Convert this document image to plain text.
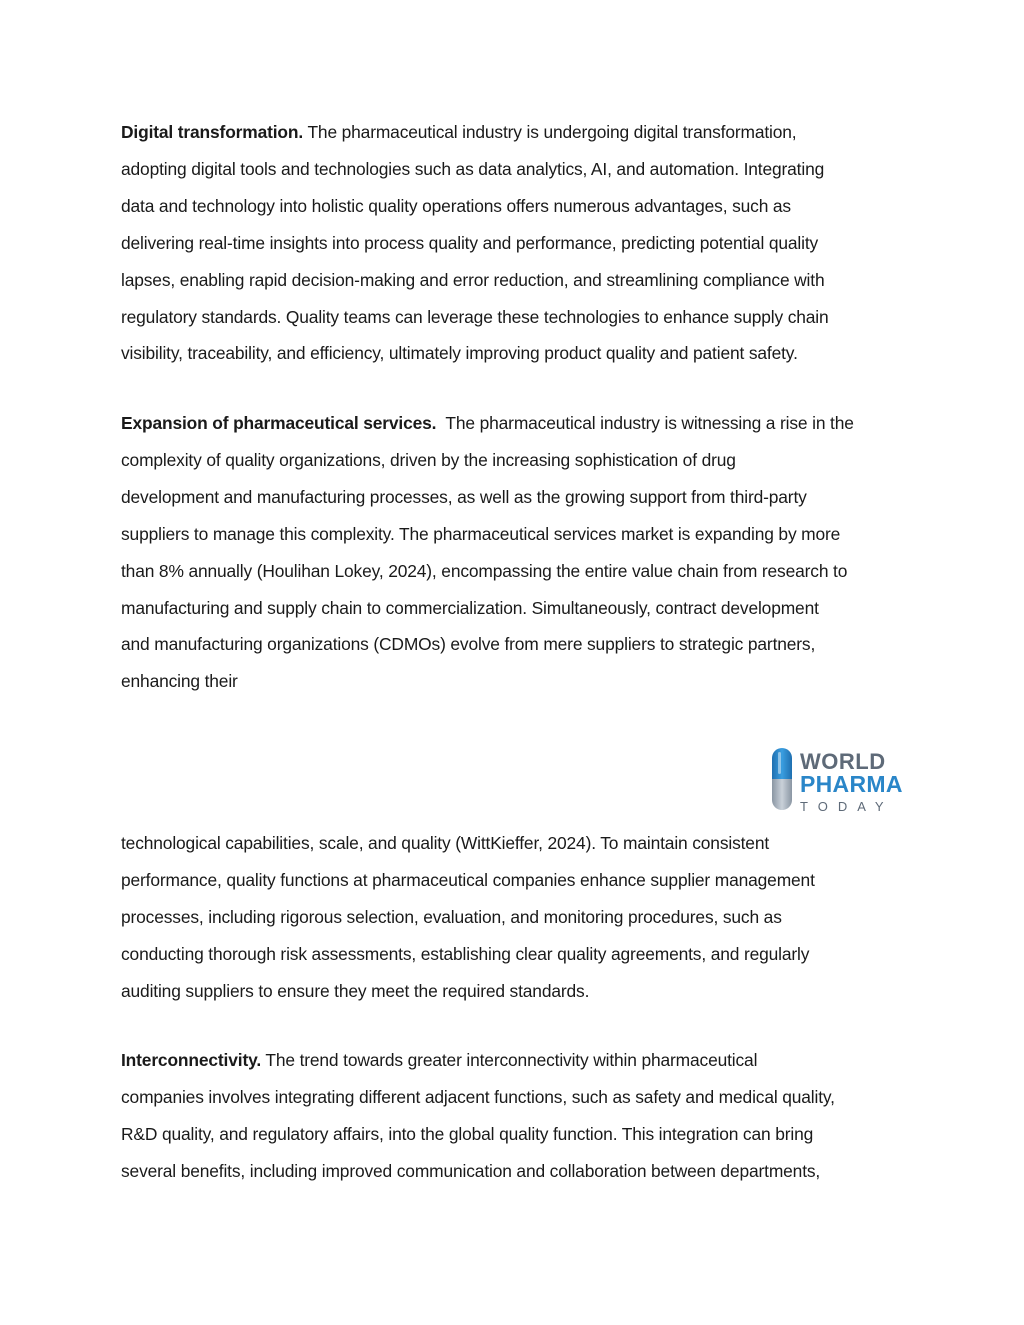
Digital transformation. The pharmaceutical industry is undergoing digital transformation,
adopting digital tools and technologies such as data analytics, AI, and automation. Integrating
data and technology into holistic quality operations offers numerous advantages, such as
delivering real-time insights into process quality and performance, predicting potential quality
lapses, enabling rapid decision-making and error reduction, and streamlining compliance with
regulatory standards. Quality teams can leverage these technologies to enhance supply chain
visibility, traceability, and efficiency, ultimately improving product quality and patient safety.
Expansion of pharmaceutical services.  The pharmaceutical industry is witnessing a rise in the
complexity of quality organizations, driven by the increasing sophistication of drug
development and manufacturing processes, as well as the growing support from third-party
suppliers to manage this complexity. The pharmaceutical services market is expanding by more
than 8% annually (Houlihan Lokey, 2024), encompassing the entire value chain from research to
manufacturing and supply chain to commercialization. Simultaneously, contract development
and manufacturing organizations (CDMOs) evolve from mere suppliers to strategic partners,
enhancing their
WORLD
PHARMA
TODAY
technological capabilities, scale, and quality (WittKieffer, 2024). To maintain consistent
performance, quality functions at pharmaceutical companies enhance supplier management
processes, including rigorous selection, evaluation, and monitoring procedures, such as
conducting thorough risk assessments, establishing clear quality agreements, and regularly
auditing suppliers to ensure they meet the required standards.
Interconnectivity. The trend towards greater interconnectivity within pharmaceutical
companies involves integrating different adjacent functions, such as safety and medical quality,
R&D quality, and regulatory affairs, into the global quality function. This integration can bring
several benefits, including improved communication and collaboration between departments,
